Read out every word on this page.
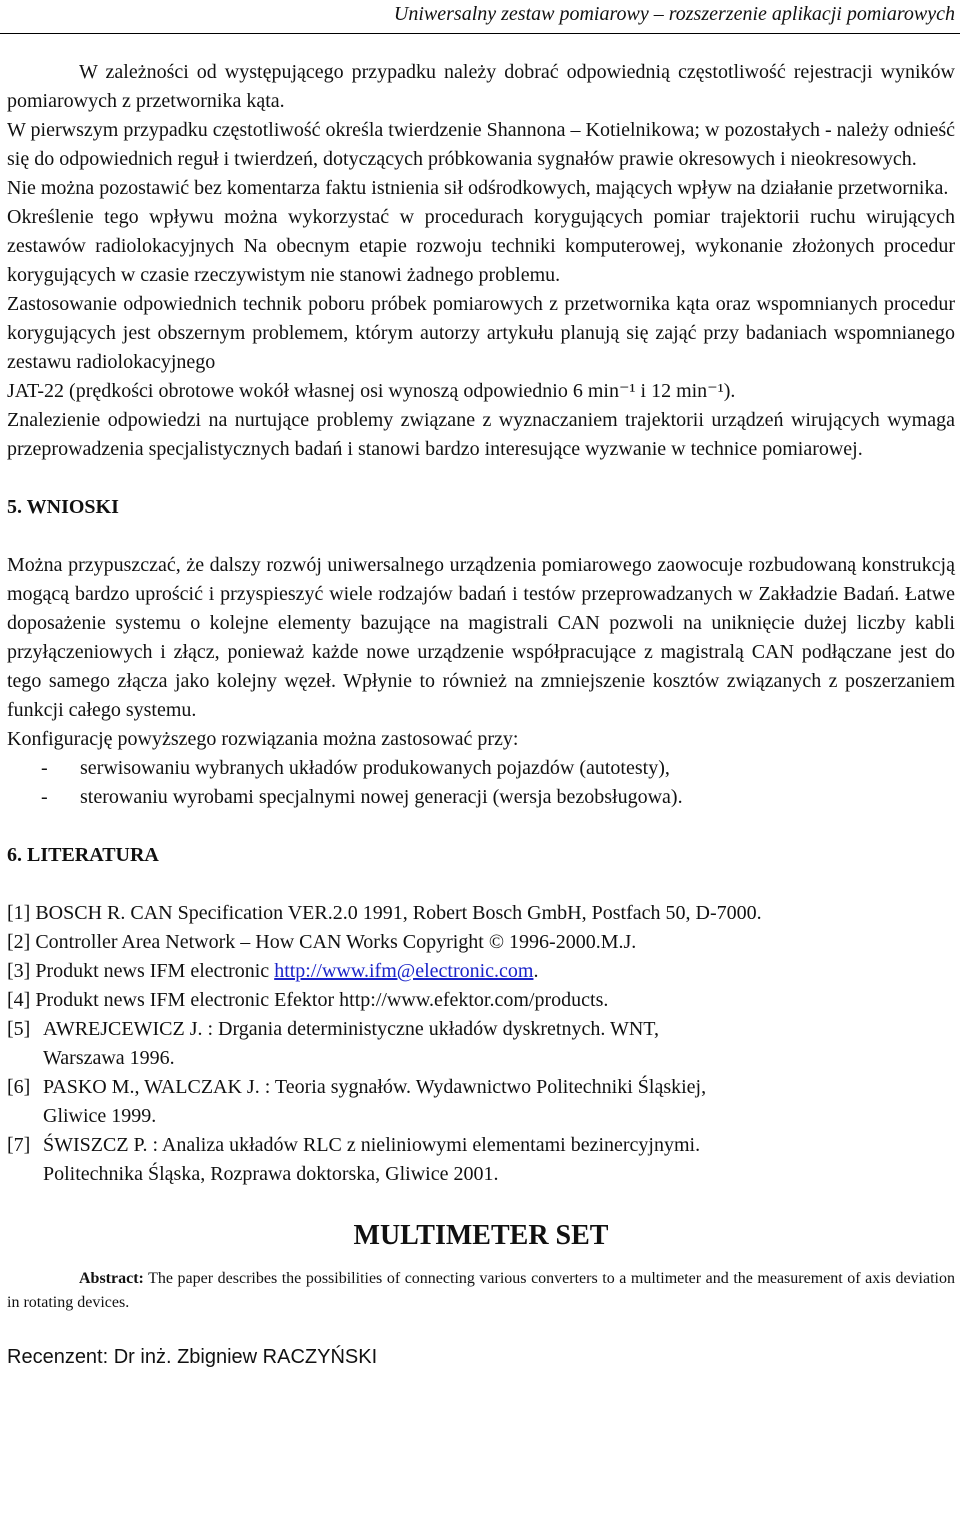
Uniwersalny zestaw pomiarowy – rozszerzenie aplikacji pomiarowych

W zależności od występującego przypadku należy dobrać odpowiednią częstotliwość rejestracji wyników pomiarowych z przetwornika kąta.

W pierwszym przypadku częstotliwość określa twierdzenie Shannona – Kotielnikowa; w pozostałych - należy odnieść się do odpowiednich reguł i twierdzeń, dotyczących próbkowania sygnałów prawie okresowych i nieokresowych.

Nie można pozostawić bez komentarza faktu istnienia sił odśrodkowych, mających wpływ na działanie przetwornika.

Określenie tego wpływu można wykorzystać w procedurach korygujących pomiar trajektorii ruchu wirujących zestawów radiolokacyjnych Na obecnym etapie rozwoju techniki komputerowej, wykonanie złożonych procedur korygujących w czasie rzeczywistym nie stanowi żadnego problemu.

Zastosowanie odpowiednich technik poboru próbek pomiarowych z przetwornika kąta oraz wspomnianych procedur korygujących jest obszernym problemem, którym autorzy artykułu planują się zająć przy badaniach wspomnianego zestawu radiolokacyjnego

JAT-22 (prędkości obrotowe wokół własnej osi wynoszą odpowiednio 6 min⁻¹ i 12 min⁻¹).

Znalezienie odpowiedzi na nurtujące problemy związane z wyznaczaniem trajektorii urządzeń wirujących wymaga przeprowadzenia specjalistycznych badań i stanowi bardzo interesujące wyzwanie w technice pomiarowej.

5. WNIOSKI

Można przypuszczać, że dalszy rozwój uniwersalnego urządzenia pomiarowego zaowocuje rozbudowaną konstrukcją mogącą bardzo uprościć i przyspieszyć wiele rodzajów badań i testów przeprowadzanych w Zakładzie Badań. Łatwe doposażenie systemu o kolejne elementy bazujące na magistrali CAN pozwoli na uniknięcie dużej liczby kabli przyłączeniowych i złącz, ponieważ każde nowe urządzenie współpracujące z magistralą CAN podłączane jest do tego samego złącza jako kolejny węzeł. Wpłynie to również na zmniejszenie kosztów związanych z poszerzaniem funkcji całego systemu.

Konfigurację powyższego rozwiązania można zastosować przy:

- serwisowaniu wybranych układów produkowanych pojazdów (autotesty),
- sterowaniu wyrobami specjalnymi nowej generacji (wersja bezobsługowa).

6. LITERATURA

[1] BOSCH R. CAN Specification VER.2.0 1991, Robert Bosch GmbH, Postfach 50, D-7000.
[2] Controller Area Network – How CAN Works Copyright © 1996-2000.M.J.
[3] Produkt news IFM electronic http://www.ifm@electronic.com.
[4] Produkt news IFM electronic Efektor http://www.efektor.com/products.
[5] AWREJCEWICZ J. : Drgania deterministyczne układów dyskretnych. WNT,
Warszawa 1996.
[6] PASKO M., WALCZAK J. : Teoria sygnałów. Wydawnictwo Politechniki Śląskiej,
Gliwice 1999.
[7] ŚWISZCZ P. : Analiza układów RLC z nieliniowymi elementami bezinercyjnymi.
Politechnika Śląska, Rozprawa doktorska, Gliwice 2001.
MULTIMETER SET

Abstract: The paper describes the possibilities of connecting various converters to a multimeter and the measurement of axis deviation in rotating devices.

Recenzent: Dr inż. Zbigniew RACZYŃSKI
